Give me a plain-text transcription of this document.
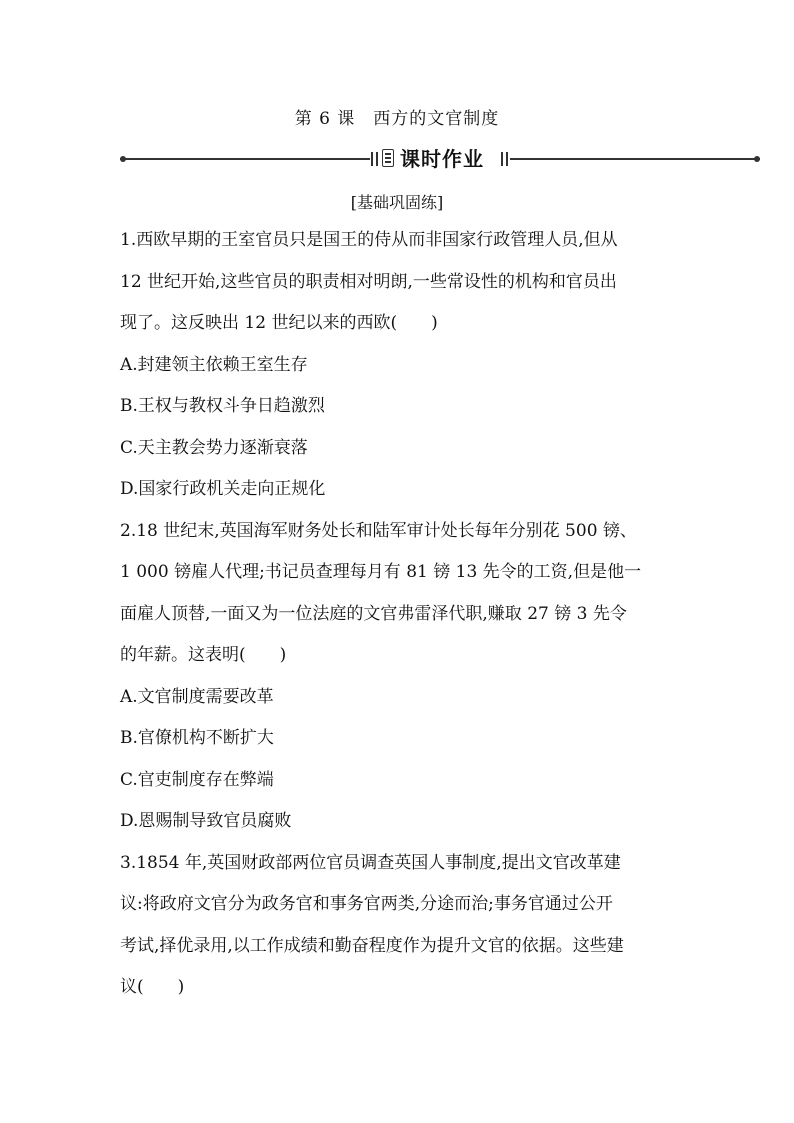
第 6 课　西方的文官制度
课时作业
[基础巩固练]
1.西欧早期的王室官员只是国王的侍从而非国家行政管理人员,但从
12 世纪开始,这些官员的职责相对明朗,一些常设性的机构和官员出
现了。这反映出 12 世纪以来的西欧(　　)
A.封建领主依赖王室生存
B.王权与教权斗争日趋激烈
C.天主教会势力逐渐衰落
D.国家行政机关走向正规化
2.18 世纪末,英国海军财务处长和陆军审计处长每年分别花 500 镑、
1 000 镑雇人代理;书记员查理每月有 81 镑 13 先令的工资,但是他一
面雇人顶替,一面又为一位法庭的文官弗雷泽代职,赚取 27 镑 3 先令
的年薪。这表明(　　)
A.文官制度需要改革
B.官僚机构不断扩大
C.官吏制度存在弊端
D.恩赐制导致官员腐败
3.1854 年,英国财政部两位官员调查英国人事制度,提出文官改革建
议:将政府文官分为政务官和事务官两类,分途而治;事务官通过公开
考试,择优录用,以工作成绩和勤奋程度作为提升文官的依据。这些建
议(　　)
